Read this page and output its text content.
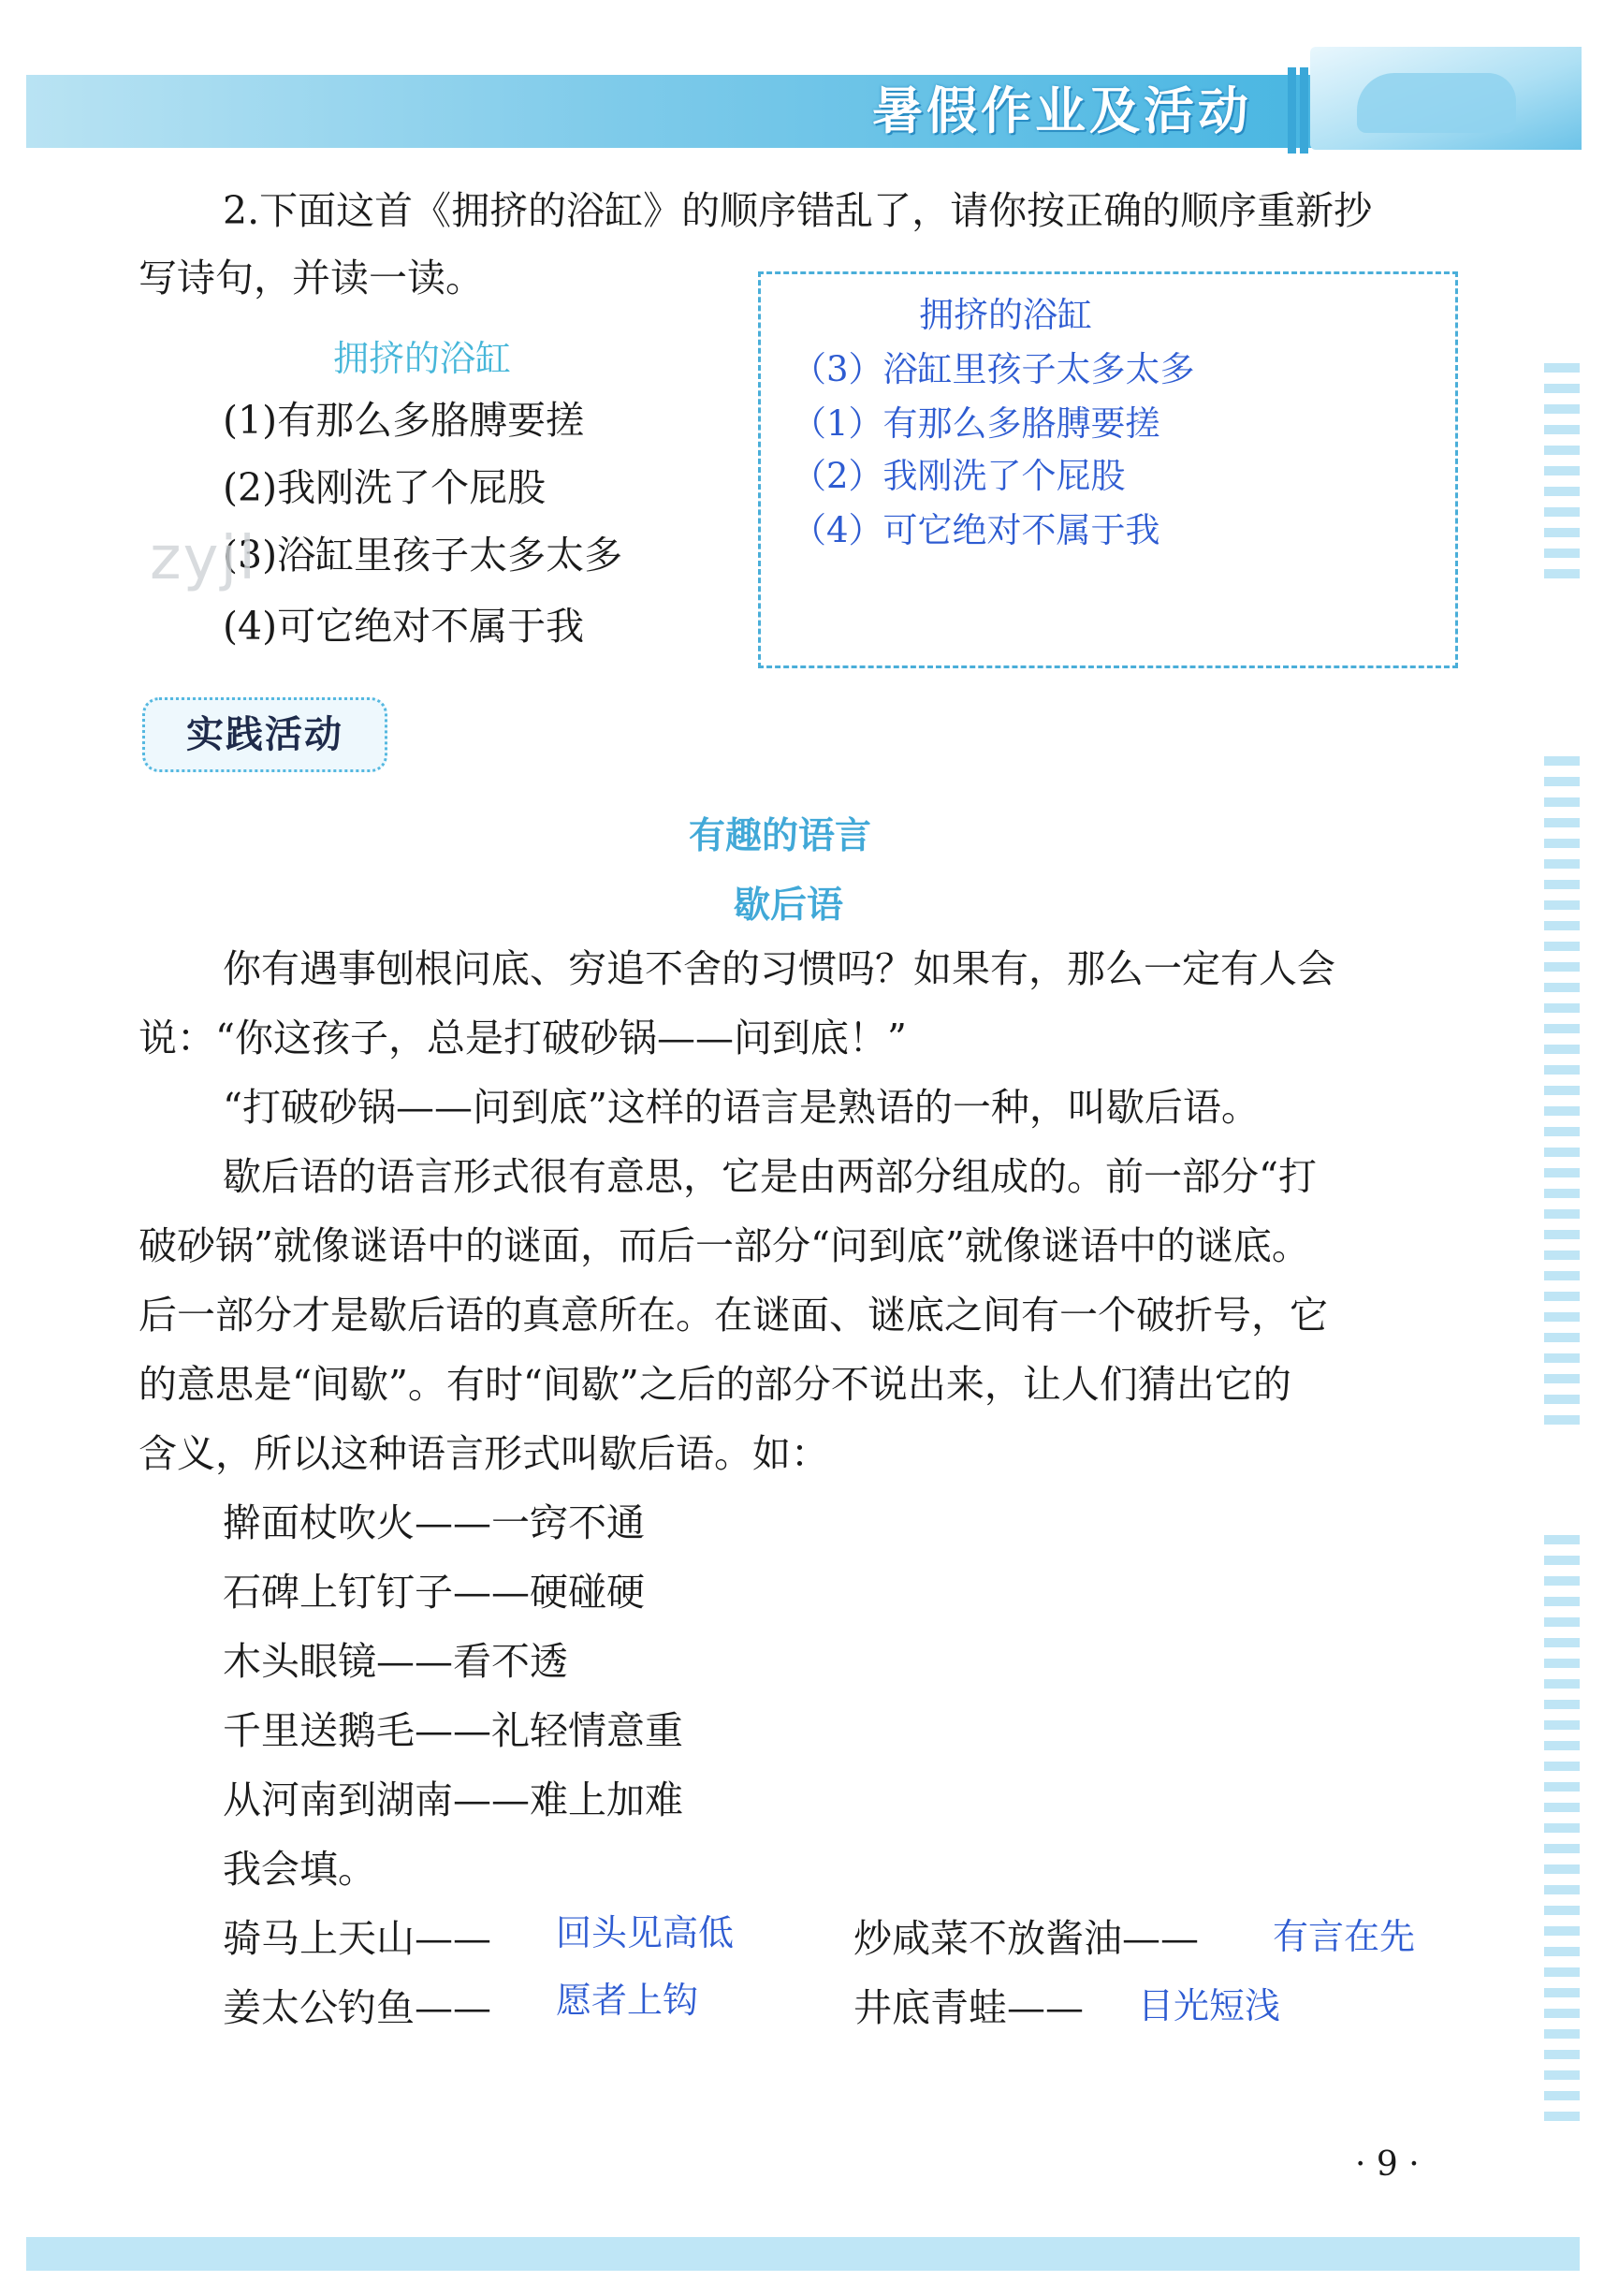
暑假作业及活动
2.下面这首《拥挤的浴缸》的顺序错乱了，请你按正确的顺序重新抄
写诗句，并读一读。
拥挤的浴缸
(1)有那么多胳膊要搓
(2)我刚洗了个屁股
(3)浴缸里孩子太多太多
(4)可它绝对不属于我
zyjl
拥挤的浴缸
（3）浴缸里孩子太多太多
（1）有那么多胳膊要搓
（2）我刚洗了个屁股
（4）可它绝对不属于我
实践活动
有趣的语言
歇后语
你有遇事刨根问底、穷追不舍的习惯吗？如果有，那么一定有人会
说：“你这孩子，总是打破砂锅——问到底！”
“打破砂锅——问到底”这样的语言是熟语的一种，叫歇后语。
歇后语的语言形式很有意思，它是由两部分组成的。前一部分“打
破砂锅”就像谜语中的谜面，而后一部分“问到底”就像谜语中的谜底。
后一部分才是歇后语的真意所在。在谜面、谜底之间有一个破折号，它
的意思是“间歇”。有时“间歇”之后的部分不说出来，让人们猜出它的
含义，所以这种语言形式叫歇后语。如：
擀面杖吹火——一窍不通
石碑上钉钉子——硬碰硬
木头眼镜——看不透
千里送鹅毛——礼轻情意重
从河南到湖南——难上加难
我会填。
骑马上天山—— 回头见高低	炒咸菜不放酱油—— 有言在先
姜太公钓鱼—— 愿者上钩	井底青蛙—— 目光短浅
· 9 ·
